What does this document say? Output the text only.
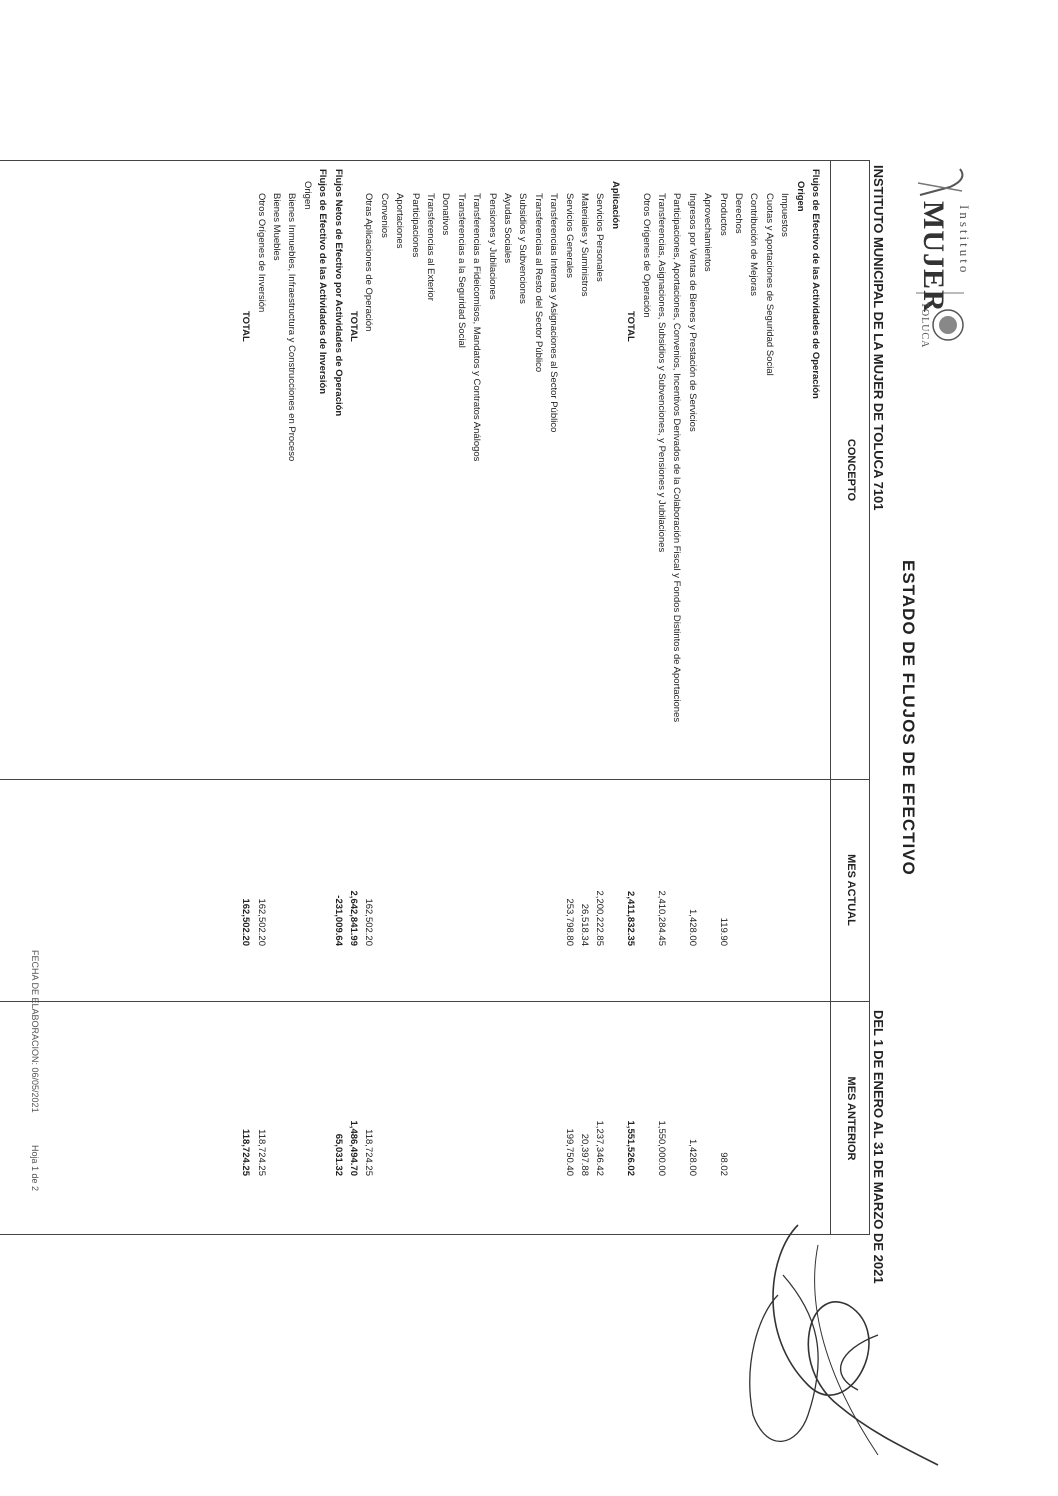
Instituto
MUJER
TOLUCA
ESTADO DE FLUJOS DE EFECTIVO
INSTITUTO MUNICIPAL DE LA MUJER DE TOLUCA 7101
DEL 1 DE ENERO AL 31 DE MARZO DE 2021
CONCEPTO
MES ACTUAL
MES ANTERIOR
Flujos de Efectivo de las Actividades de Operación
Origen
Impuestos
Cuotas y Aportaciones de Seguridad Social
Contribución de Mejoras
Derechos
Productos
119.90
98.02
Aprovechamientos
Ingresos por Ventas de Bienes y Prestación de Servicios
1,428.00
1,428.00
Participaciones, Aportaciones, Convenios, Incentivos Derivados de la Colaboración Fiscal y Fondos Distintos de Aportaciones
Transferencias, Asignaciones, Subsidios y Subvenciones, y Pensiones y Jubilaciones
2,410,284.45
1,550,000.00
Otros Orígenes de Operación
TOTAL
2,411,832.35
1,551,526.02
Aplicación
Servicios Personales
2,200,222.85
1,237,346.42
Materiales y Suministros
26,518.34
20,397.88
Servicios Generales
253,798.80
199,750.40
Transferencias Internas y Asignaciones al Sector Público
Transferencias al Resto del Sector Público
Subsidios y Subvenciones
Ayudas Sociales
Pensiones y Jubilaciones
Transferencias a Fideicomisos, Mandatos y Contratos Análogos
Transferencias a la Seguridad Social
Donativos
Transferencias al Exterior
Participaciones
Aportaciones
Convenios
Otras Aplicaciones de Operación
162,502.20
118,724.25
TOTAL
2,642,841.99
1,486,494.70
Flujos Netos de Efectivo por Actividades de Operación
-231,009.64
65,031.32
Flujos de Efectivo de las Actividades de Inversión
Origen
Bienes Inmuebles, Infraestructura y Construcciones en Proceso
Bienes Muebles
Otros Orígenes de Inversión
162,502.20
118,724.25
TOTAL
162,502.20
118,724.25
FECHA DE ELABORACION: 06/05/2021
Hoja 1 de 2
